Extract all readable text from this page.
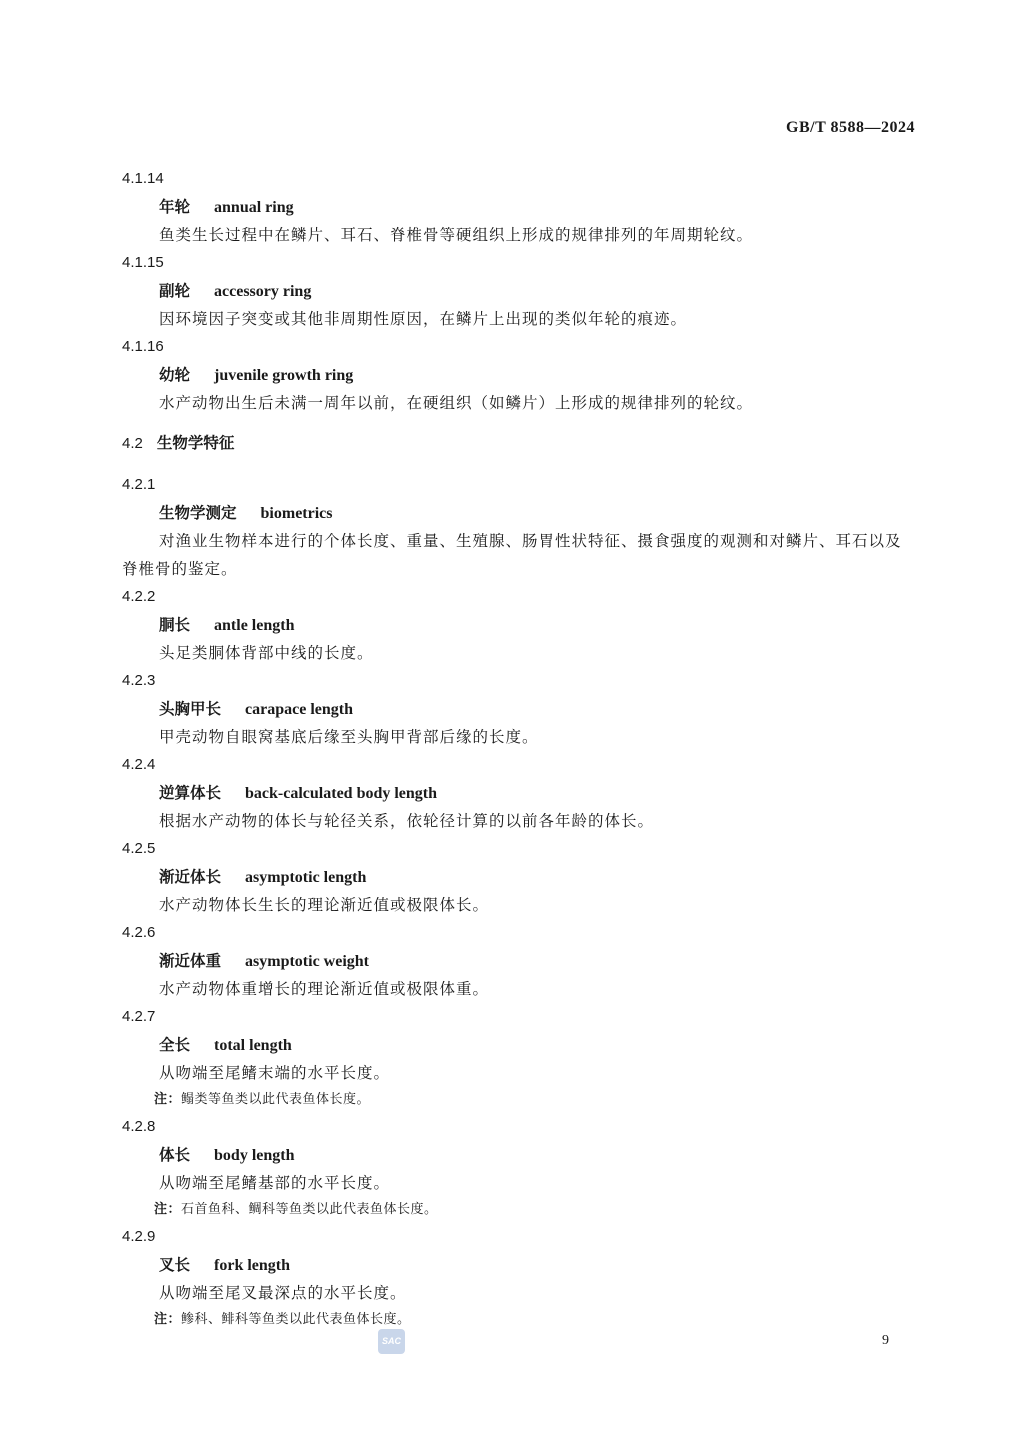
GB/T 8588—2024
4.1.14
年轮 annual ring
鱼类生长过程中在鳞片、耳石、脊椎骨等硬组织上形成的规律排列的年周期轮纹。
4.1.15
副轮 accessory ring
因环境因子突变或其他非周期性原因，在鳞片上出现的类似年轮的痕迹。
4.1.16
幼轮 juvenile growth ring
水产动物出生后未满一周年以前，在硬组织（如鳞片）上形成的规律排列的轮纹。
4.2 生物学特征
4.2.1
生物学测定 biometrics
对渔业生物样本进行的个体长度、重量、生殖腺、肠胃性状特征、摄食强度的观测和对鳞片、耳石以及脊椎骨的鉴定。
4.2.2
胴长 antle length
头足类胴体背部中线的长度。
4.2.3
头胸甲长 carapace length
甲壳动物自眼窝基底后缘至头胸甲背部后缘的长度。
4.2.4
逆算体长 back-calculated body length
根据水产动物的体长与轮径关系，依轮径计算的以前各年龄的体长。
4.2.5
渐近体长 asymptotic length
水产动物体长生长的理论渐近值或极限体长。
4.2.6
渐近体重 asymptotic weight
水产动物体重增长的理论渐近值或极限体重。
4.2.7
全长 total length
从吻端至尾鳍末端的水平长度。
注：鳎类等鱼类以此代表鱼体长度。
4.2.8
体长 body length
从吻端至尾鳍基部的水平长度。
注：石首鱼科、鲷科等鱼类以此代表鱼体长度。
4.2.9
叉长 fork length
从吻端至尾叉最深点的水平长度。
注：鲹科、鲱科等鱼类以此代表鱼体长度。
SAC	9
